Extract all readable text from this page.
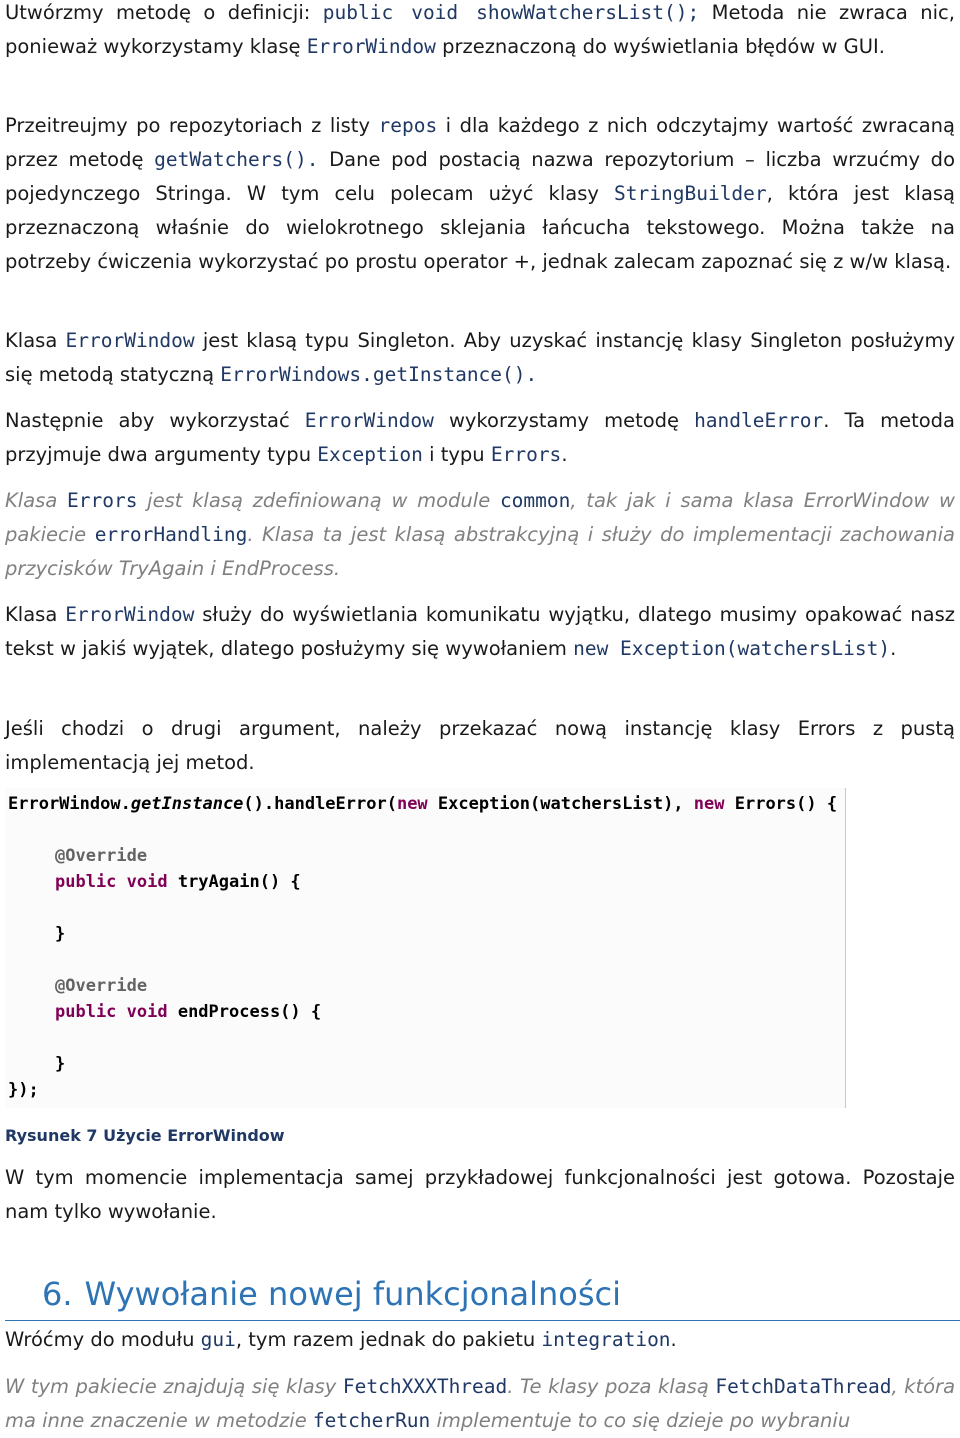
Utwórzmy metodę o definicji: public void showWatchersList(); Metoda nie zwraca nic, ponieważ wykorzystamy klasę ErrorWindow przeznaczoną do wyświetlania błędów w GUI.

Przeitreujmy po repozytoriach z listy repos i dla każdego z nich odczytajmy wartość zwracaną przez metodę getWatchers(). Dane pod postacią nazwa repozytorium – liczba wrzućmy do pojedynczego Stringa. W tym celu polecam użyć klasy StringBuilder, która jest klasą przeznaczoną właśnie do wielokrotnego sklejania łańcucha tekstowego. Można także na potrzeby ćwiczenia wykorzystać po prostu operator +, jednak zalecam zapoznać się z w/w klasą.

Klasa ErrorWindow jest klasą typu Singleton. Aby uzyskać instancję klasy Singleton posłużymy się metodą statyczną ErrorWindows.getInstance().

Następnie aby wykorzystać ErrorWindow wykorzystamy metodę handleError. Ta metoda przyjmuje dwa argumenty typu Exception i typu Errors.

Klasa Errors jest klasą zdefiniowaną w module common, tak jak i sama klasa ErrorWindow w pakiecie errorHandling. Klasa ta jest klasą abstrakcyjną i służy do implementacji zachowania przycisków TryAgain i EndProcess.

Klasa ErrorWindow służy do wyświetlania komunikatu wyjątku, dlatego musimy opakować nasz tekst w jakiś wyjątek, dlatego posłużymy się wywołaniem new Exception(watchersList).

Jeśli chodzi o drugi argument, należy przekazać nową instancję klasy Errors z pustą implementacją jej metod.

ErrorWindow.getInstance().handleError(new Exception(watchersList), new Errors() {
@Override
public void tryAgain() {
}
@Override
public void endProcess() {
}
});

Rysunek 7 Użycie ErrorWindow

W tym momencie implementacja samej przykładowej funkcjonalności jest gotowa. Pozostaje nam tylko wywołanie.

6. Wywołanie nowej funkcjonalności

Wróćmy do modułu gui, tym razem jednak do pakietu integration.

W tym pakiecie znajdują się klasy FetchXXXThread. Te klasy poza klasą FetchDataThread, która ma inne znaczenie w metodzie fetcherRun implementuje to co się dzieje po wybraniu
